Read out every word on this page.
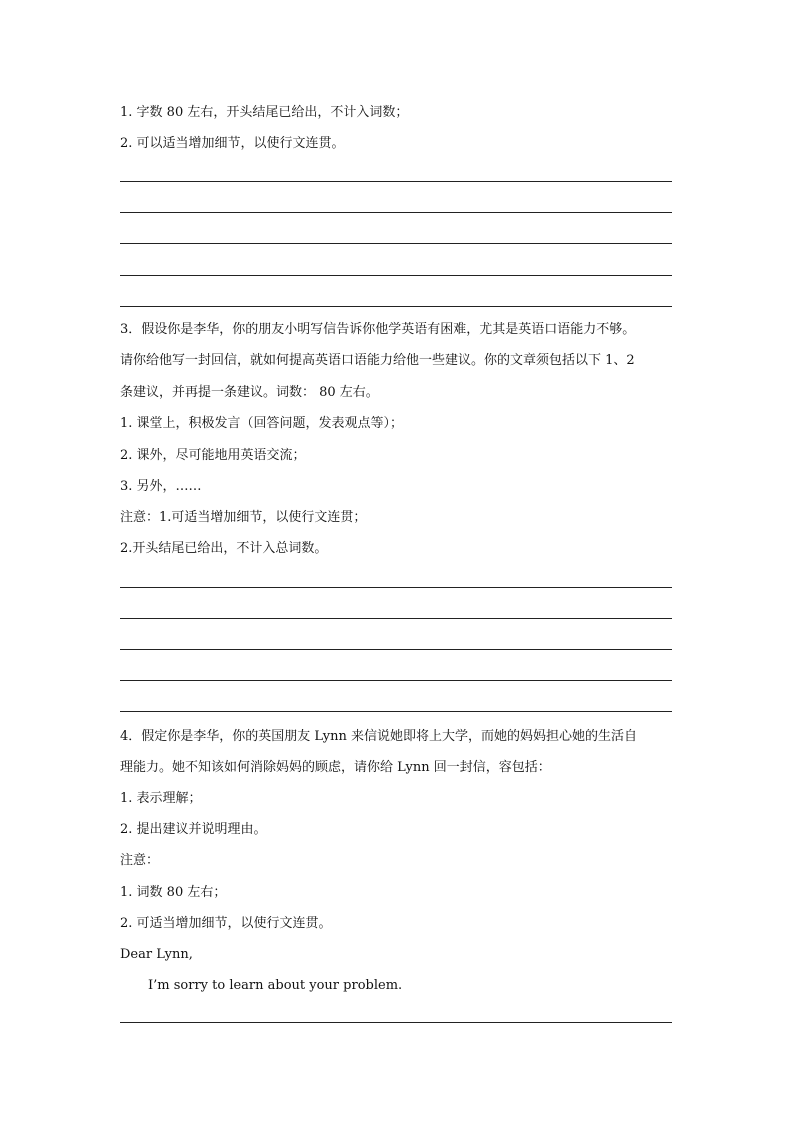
1. 字数 80 左右，开头结尾已给出，不计入词数；
2. 可以适当增加细节，以使行文连贯。
3．假设你是李华，你的朋友小明写信告诉你他学英语有困难，尤其是英语口语能力不够。
请你给他写一封回信，就如何提高英语口语能力给他一些建议。你的文章须包括以下 1、2
条建议，并再提一条建议。词数： 80 左右。
1. 课堂上，积极发言（回答问题，发表观点等）；
2. 课外，尽可能地用英语交流；
3. 另外，……
注意：1.可适当增加细节，以使行文连贯；
2.开头结尾已给出，不计入总词数。
4．假定你是李华，你的英国朋友 Lynn 来信说她即将上大学，而她的妈妈担心她的生活自
理能力。她不知该如何消除妈妈的顾虑，请你给 Lynn 回一封信，容包括：
1. 表示理解；
2. 提出建议并说明理由。
注意：
1. 词数 80 左右；
2. 可适当增加细节，以使行文连贯。
Dear Lynn,
I’m sorry to learn about your problem.
